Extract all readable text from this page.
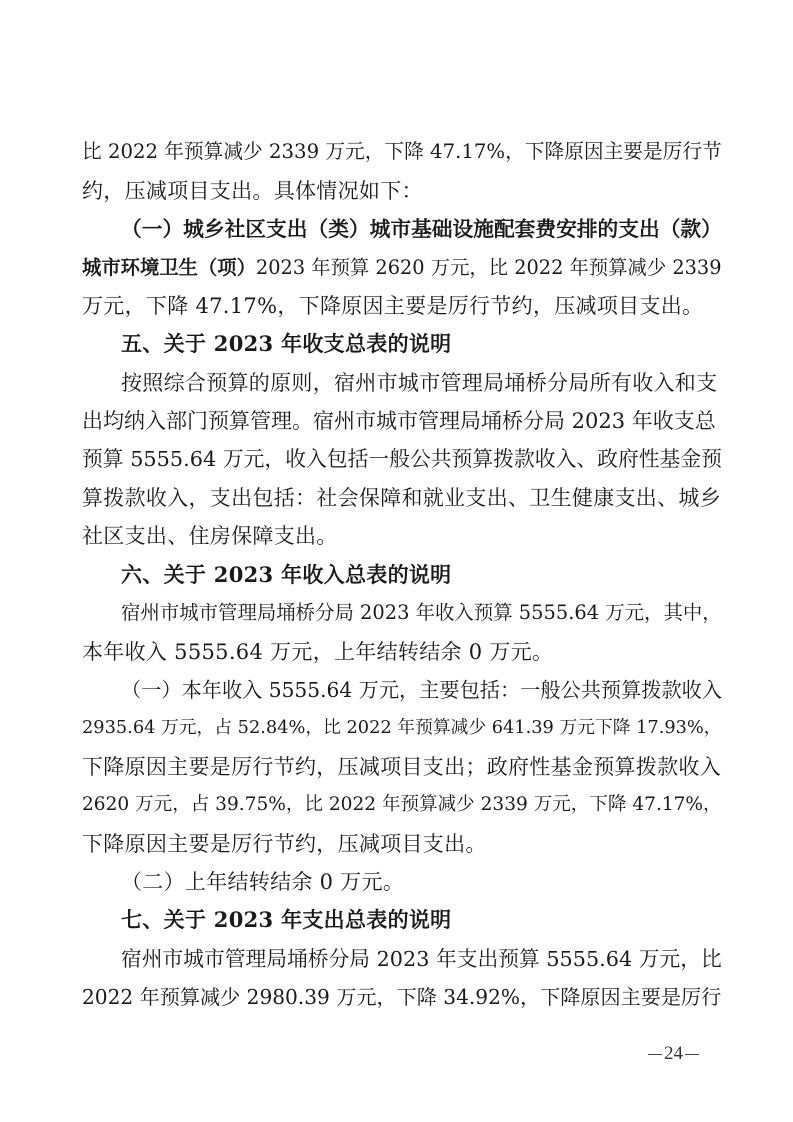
比 2022 年预算减少 2339 万元，下降 47.17%，下降原因主要是厉行节
约，压减项目支出。具体情况如下：
（一）城乡社区支出（类）城市基础设施配套费安排的支出（款）
城市环境卫生（项）2023 年预算 2620 万元，比 2022 年预算减少 2339
万元，下降 47.17%，下降原因主要是厉行节约，压减项目支出。
五、关于 2023 年收支总表的说明
按照综合预算的原则，宿州市城市管理局埇桥分局所有收入和支
出均纳入部门预算管理。宿州市城市管理局埇桥分局 2023 年收支总
预算 5555.64 万元，收入包括一般公共预算拨款收入、政府性基金预
算拨款收入，支出包括：社会保障和就业支出、卫生健康支出、城乡
社区支出、住房保障支出。
六、关于 2023 年收入总表的说明
宿州市城市管理局埇桥分局 2023 年收入预算 5555.64 万元，其中，
本年收入 5555.64 万元，上年结转结余 0 万元。
（一）本年收入 5555.64 万元，主要包括：一般公共预算拨款收入
2935.64 万元，占 52.84%，比 2022 年预算减少 641.39 万元下降 17.93%，
下降原因主要是厉行节约，压减项目支出；政府性基金预算拨款收入
2620 万元，占 39.75%，比 2022 年预算减少 2339 万元，下降 47.17%，
下降原因主要是厉行节约，压减项目支出。
（二）上年结转结余 0 万元。
七、关于 2023 年支出总表的说明
宿州市城市管理局埇桥分局 2023 年支出预算 5555.64 万元，比
2022 年预算减少 2980.39 万元，下降 34.92%，下降原因主要是厉行
24
